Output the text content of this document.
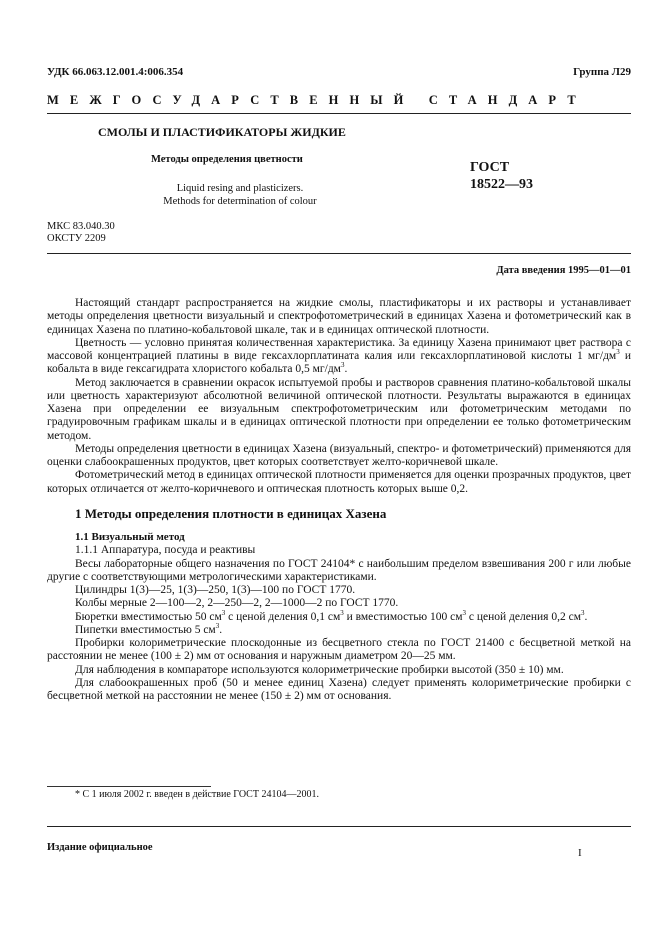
УДК 66.063.12.001.4:006.354	Группа Л29
МЕЖГОСУДАРСТВЕННЫЙ СТАНДАРТ
СМОЛЫ И ПЛАСТИФИКАТОРЫ ЖИДКИЕ
Методы определения цветности
Liquid resing and plasticizers.
Methods for determination of colour
ГОСТ
18522—93
МКС 83.040.30
ОКСТУ 2209
Дата введения 1995—01—01

Настоящий стандарт распространяется на жидкие смолы, пластификаторы и их растворы и устанавливает методы определения цветности визуальный и спектрофотометрический в единицах Хазена и фотометрический как в единицах Хазена по платино-кобальтовой шкале, так и в единицах оптической плотности.

Цветность — условно принятая количественная характеристика. За единицу Хазена принимают цвет раствора с массовой концентрацией платины в виде гексахлорплатината калия или гексахлорплатиновой кислоты 1 $мг/дм^3$ и кобальта в виде гексагидрата хлористого кобальта 0,5 $мг/дм^3$.

Метод заключается в сравнении окрасок испытуемой пробы и растворов сравнения платино-кобальтовой шкалы или цветность характеризуют абсолютной величиной оптической плотности. Результаты выражаются в единицах Хазена при определении ее визуальным спектрофотометрическим или фотометрическим методами по градуировочным графикам шкалы и в единицах оптической плотности при определении ее только фотометрическим методом.

Методы определения цветности в единицах Хазена (визуальный, спектро- и фотометрический) применяются для оценки слабоокрашенных продуктов, цвет которых соответствует желто-коричневой шкале.

Фотометрический метод в единицах оптической плотности применяется для оценки прозрачных продуктов, цвет которых отличается от желто-коричневого и оптическая плотность которых выше 0,2.

1 Методы определения плотности в единицах Хазена
1.1 Визуальный метод

1.1.1 Аппаратура, посуда и реактивы

Весы лабораторные общего назначения по ГОСТ 24104* с наибольшим пределом взвешивания 200 г или любые другие с соответствующими метрологическими характеристиками.

Цилиндры 1(3)—25, 1(3)—250, 1(3)—100 по ГОСТ 1770.

Колбы мерные 2—100—2, 2—250—2, 2—1000—2 по ГОСТ 1770.

Бюретки вместимостью 50 $см^3$ с ценой деления 0,1 $см^3$ и вместимостью 100 $см^3$ с ценой деления 0,2 $см^3$.

Пипетки вместимостью 5 $см^3$.

Пробирки колориметрические плоскодонные из бесцветного стекла по ГОСТ 21400 с бесцветной меткой на расстоянии не менее (100 ± 2) мм от основания и наружным диаметром 20—25 мм.

Для наблюдения в компараторе используются колориметрические пробирки высотой (350 ± 10) мм.

Для слабоокрашенных проб (50 и менее единиц Хазена) следует применять колориметрические пробирки с бесцветной меткой на расстоянии не менее (150 ± 2) мм от основания.

* С 1 июля 2002 г. введен в действие ГОСТ 24104—2001.
Издание официальное	I
